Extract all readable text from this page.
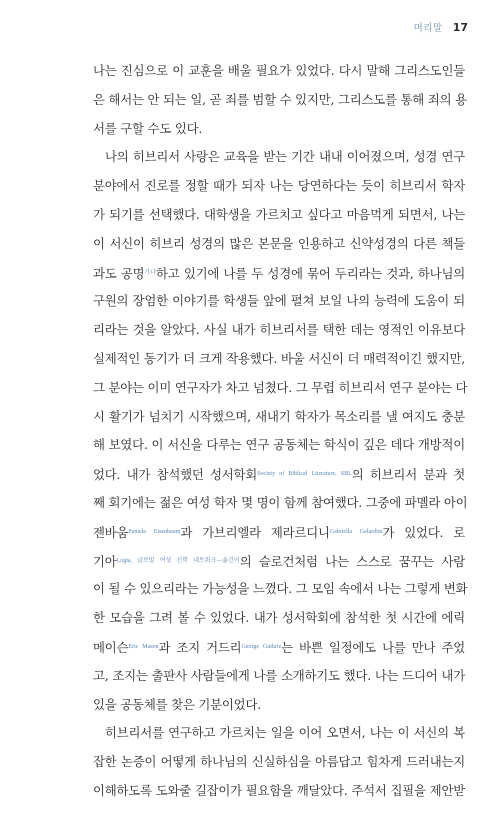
머리말 17
나는 진심으로 이 교훈을 배울 필요가 있었다. 다시 말해 그리스도인들
은 해서는 안 되는 일, 곧 죄를 범할 수 있지만, 그리스도를 통해 죄의 용
서를 구할 수도 있다.
나의 히브리서 사랑은 교육을 받는 기간 내내 이어졌으며, 성경 연구
분야에서 진로를 정할 때가 되자 나는 당연하다는 듯이 히브리서 학자
가 되기를 선택했다. 대학생을 가르치고 싶다고 마음먹게 되면서, 나는
이 서신이 히브리 성경의 많은 본문을 인용하고 신약성경의 다른 책들
과도 공명$^{가나}$하고 있기에 나를 두 성경에 묶어 두리라는 것과, 하나님의
구원의 장엄한 이야기를 학생들 앞에 펼쳐 보일 나의 능력에 도움이 되
리라는 것을 알았다. 사실 내가 히브리서를 택한 데는 영적인 이유보다
실제적인 동기가 더 크게 작용했다. 바울 서신이 더 매력적이긴 했지만,
그 분야는 이미 연구자가 차고 넘쳤다. 그 무렵 히브리서 연구 분야는 다
시 활기가 넘치기 시작했으며, 새내기 학자가 목소리를 낼 여지도 충분
해 보였다. 이 서신을 다루는 연구 공동체는 학식이 깊은 데다 개방적이
었다. 내가 참석했던 성서학회$^{Society of Biblical Literature, SBL}$의 히브리서 분과 첫
째 회기에는 젊은 여성 학자 몇 명이 함께 참여했다. 그중에 파멜라 아이
젠바움$^{Pamela Eisenbaum}$과 가브리엘라 제라르디니$^{Gabriella Gelardini}$가 있었다. 로
기아$^{Logia, 글로벌 여성 신학 네트워크—옮긴이}$의 슬로건처럼 나는 스스로 꿈꾸는 사람
이 될 수 있으리라는 가능성을 느꼈다. 그 모임 속에서 나는 그렇게 변화
한 모습을 그려 볼 수 있었다. 내가 성서학회에 참석한 첫 시간에 에릭
메이슨$^{Eric Mason}$과 조지 거드리$^{George Guthrie}$는 바쁜 일정에도 나를 만나 주었
고, 조지는 출판사 사람들에게 나를 소개하기도 했다. 나는 드디어 내가
있을 공동체를 찾은 기분이었다.
히브리서를 연구하고 가르치는 일을 이어 오면서, 나는 이 서신의 복
잡한 논증이 어떻게 하나님의 신실하심을 아름답고 힘차게 드러내는지
이해하도록 도와줄 길잡이가 필요함을 깨달았다. 주석서 집필을 제안받
